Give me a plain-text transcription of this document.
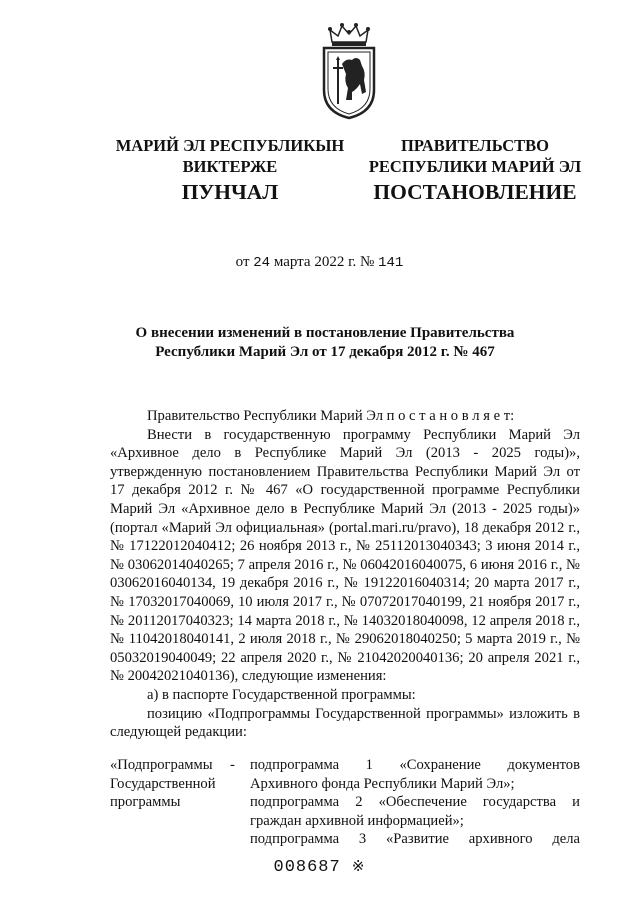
МАРИЙ ЭЛ РЕСПУБЛИКЫН
ВИКТЕРЖЕ
ПРАВИТЕЛЬСТВО
РЕСПУБЛИКИ МАРИЙ ЭЛ
ПУНЧАЛ	ПОСТАНОВЛЕНИЕ
от 24 марта 2022 г. № 141
О внесении изменений в постановление Правительства
Республики Марий Эл от 17 декабря 2012 г. № 467

Правительство Республики Марий Эл п о с т а н о в л я е т:

Внести в государственную программу Республики Марий Эл «Архивное дело в Республике Марий Эл (2013 - 2025 годы)», утвержденную постановлением Правительства Республики Марий Эл от 17 декабря 2012 г. № 467 «О государственной программе Республики Марий Эл «Архивное дело в Республике Марий Эл (2013 - 2025 годы)» (портал «Марий Эл официальная» (portal.mari.ru/pravo), 18 декабря 2012 г., № 17122012040412; 26 ноября 2013 г., № 25112013040343; 3 июня 2014 г., № 03062014040265; 7 апреля 2016 г., № 06042016040075, 6 июня 2016 г., № 03062016040134, 19 декабря 2016 г., № 19122016040314; 20 марта 2017 г., № 17032017040069, 10 июля 2017 г., № 07072017040199, 21 ноября 2017 г., № 20112017040323; 14 марта 2018 г., № 14032018040098, 12 апреля 2018 г., № 11042018040141, 2 июля 2018 г., № 29062018040250; 5 марта 2019 г., № 05032019040049; 22 апреля 2020 г., № 21042020040136; 20 апреля 2021 г., № 20042021040136), следующие изменения:

а) в паспорте Государственной программы:

позицию «Подпрограммы Государственной программы» изложить в следующей редакции:

«Подпрограммы Государственной программы
- подпрограмма 1 «Сохранение документов Архивного фонда Республики Марий Эл»;

подпрограмма 2 «Обеспечение государства и граждан архивной информацией»;

подпрограмма 3 «Развитие архивного дела

008687 ※
